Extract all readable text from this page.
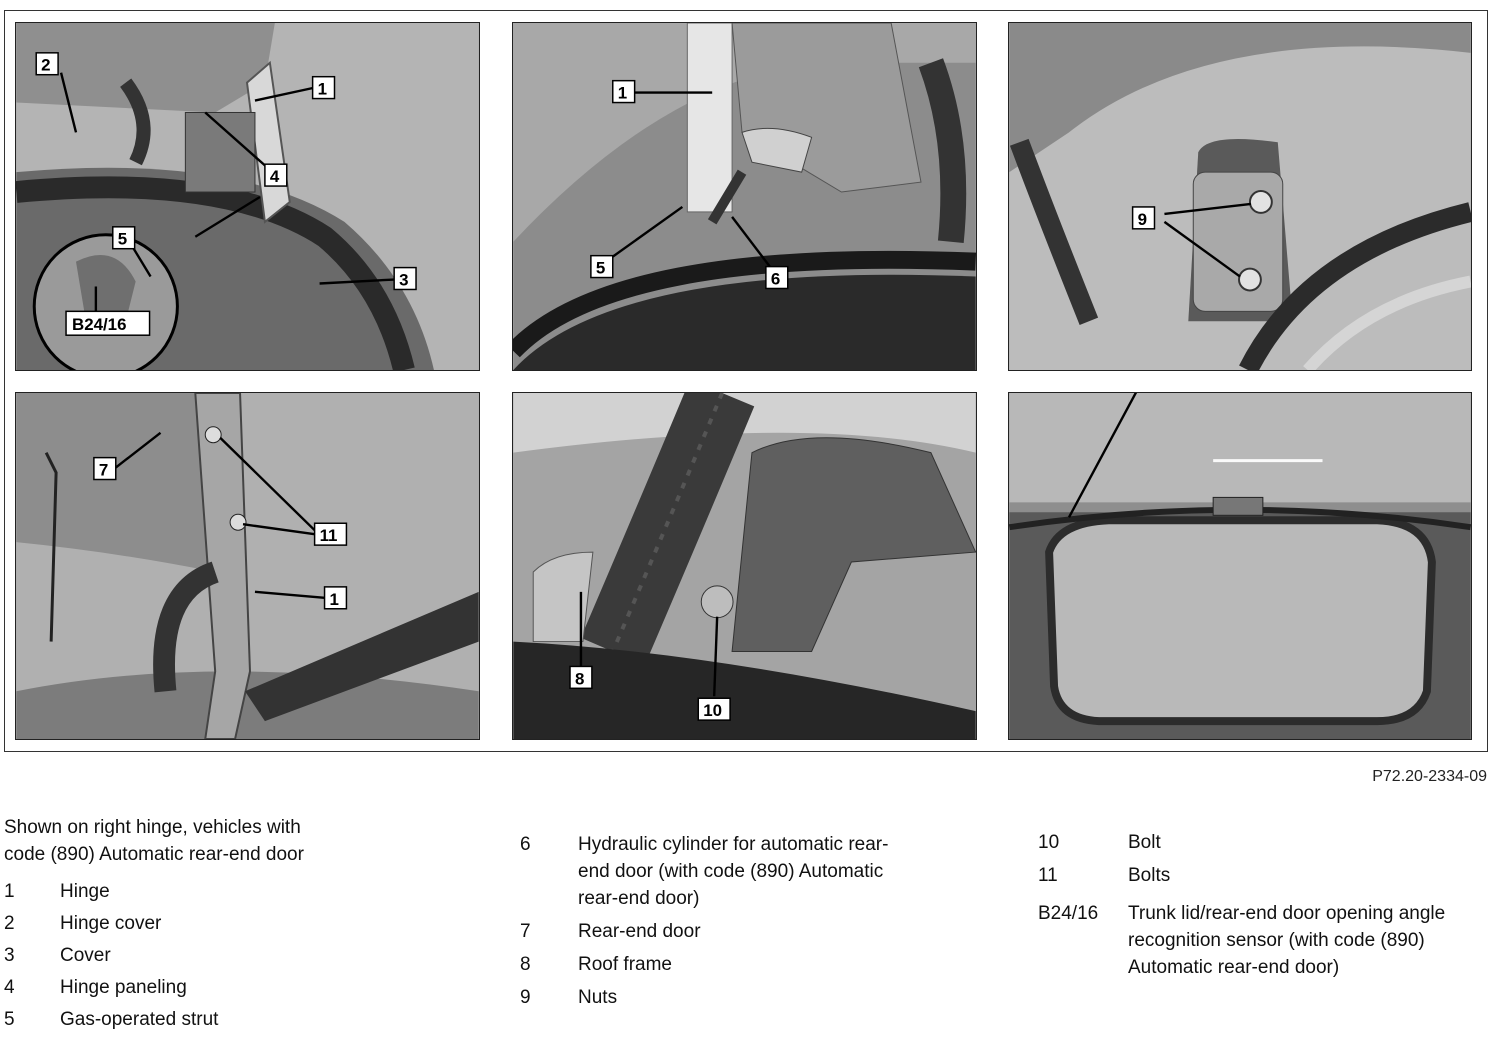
1
2
3
4
5
B24/16
1
5
6
9
7
11
1
8
10
P72.20-2334-09
Shown on right hinge, vehicles with code (890) Automatic rear-end door
1	Hinge
2	Hinge cover
3	Cover
4	Hinge paneling
5	Gas-operated strut
6	Hydraulic cylinder for automatic rear-end door (with code (890) Automatic rear-end door)
7	Rear-end door
8	Roof frame
9	Nuts
10	Bolt
11	Bolts
B24/16	Trunk lid/rear-end door opening angle recognition sensor (with code (890) Automatic rear-end door)
